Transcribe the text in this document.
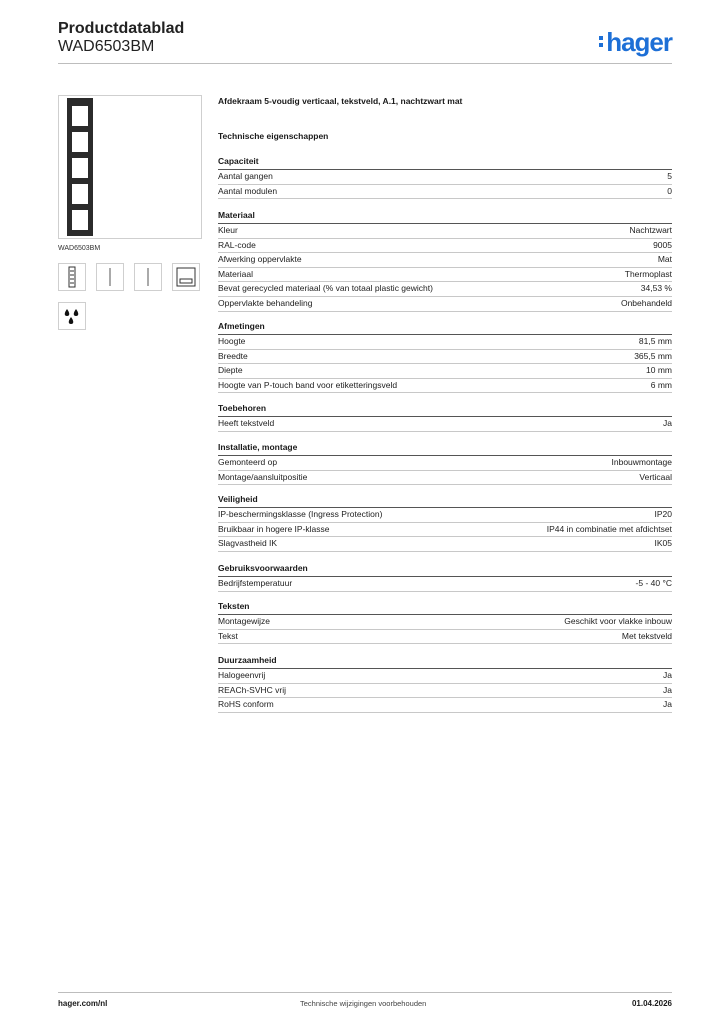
Productdatablad
WAD6503BM	hager
WAD6503BM
Afdekraam 5-voudig verticaal, tekstveld, A.1, nachtzwart mat
Technische eigenschappen
Capaciteit
Aantal gangen	5
Aantal modulen	0
Materiaal
Kleur	Nachtzwart
RAL-code	9005
Afwerking oppervlakte	Mat
Materiaal	Thermoplast
Bevat gerecycled materiaal (% van totaal plastic gewicht)	34,53 %
Oppervlakte behandeling	Onbehandeld
Afmetingen
Hoogte	81,5 mm
Breedte	365,5 mm
Diepte	10 mm
Hoogte van P-touch band voor etiketteringsveld	6 mm
Toebehoren
Heeft tekstveld	Ja
Installatie, montage
Gemonteerd op	Inbouwmontage
Montage/aansluitpositie	Verticaal
Veiligheid
IP-beschermingsklasse (Ingress Protection)	IP20
Bruikbaar in hogere IP-klasse	IP44 in combinatie met afdichtset
Slagvastheid IK	IK05
Gebruiksvoorwaarden
Bedrijfstemperatuur	-5 - 40 °C
Teksten
Montagewijze	Geschikt voor vlakke inbouw
Tekst	Met tekstveld
Duurzaamheid
Halogeenvrij	Ja
REACh-SVHC vrij	Ja
RoHS conform	Ja
hager.com/nl	Technische wijzigingen voorbehouden	01.04.2026
